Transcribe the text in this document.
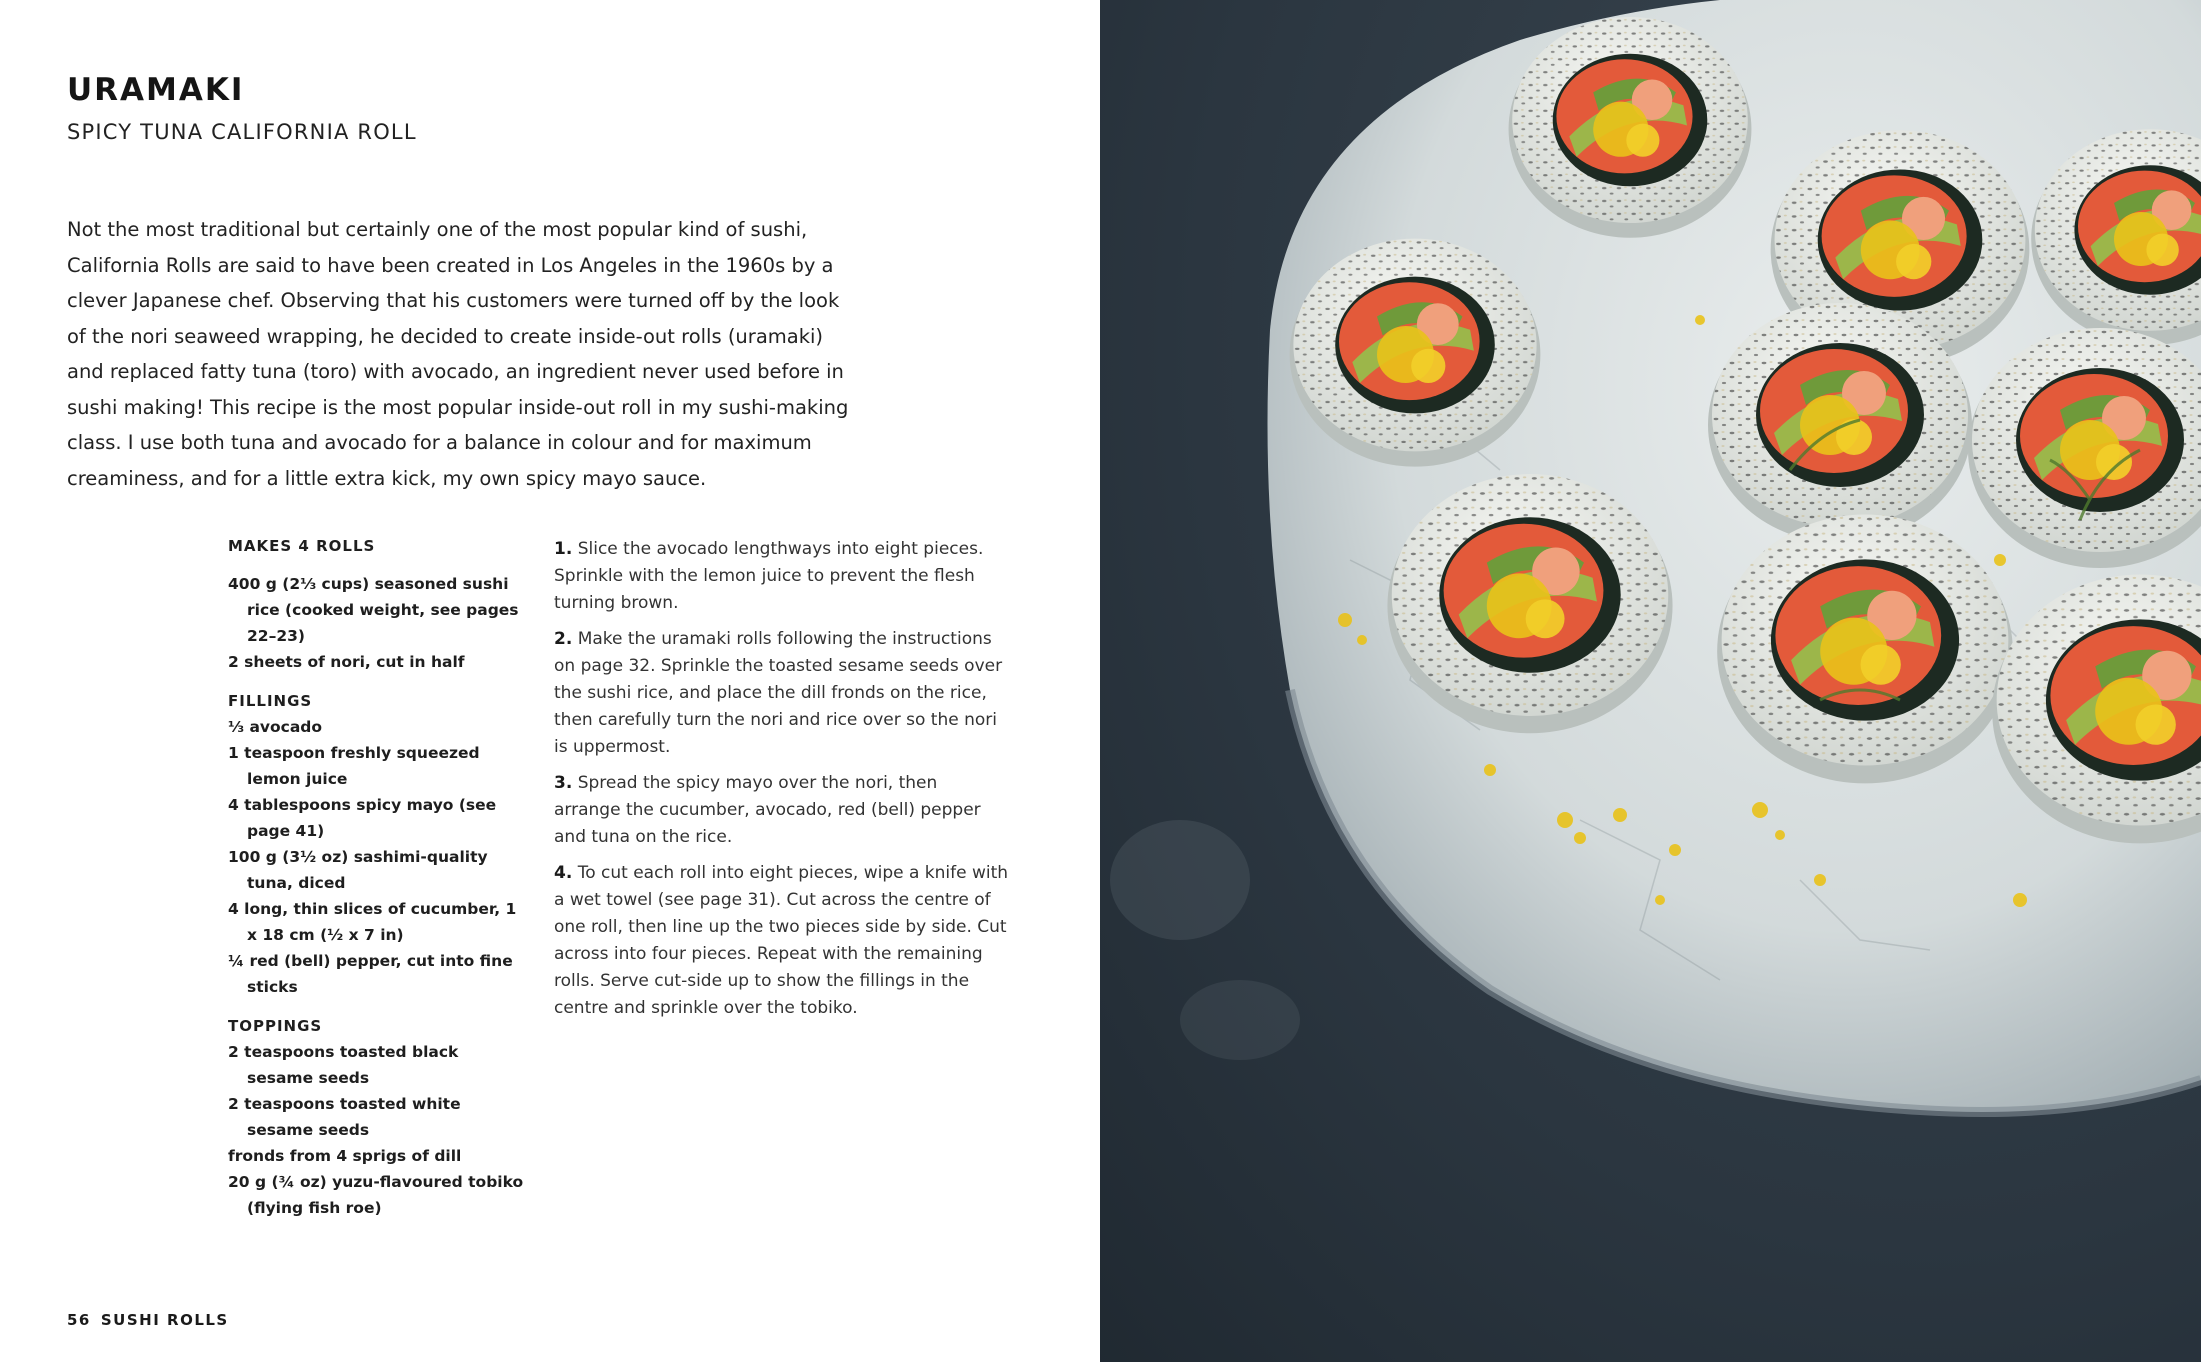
URAMAKI
SPICY TUNA CALIFORNIA ROLL

Not the most traditional but certainly one of the most popular kind of sushi, California Rolls are said to have been created in Los Angeles in the 1960s by a clever Japanese chef. Observing that his customers were turned off by the look of the nori seaweed wrapping, he decided to create inside-out rolls (uramaki) and replaced fatty tuna (toro) with avocado, an ingredient never used before in sushi making! This recipe is the most popular inside-out roll in my sushi-making class. I use both tuna and avocado for a balance in colour and for maximum creaminess, and for a little extra kick, my own spicy mayo sauce.

MAKES 4 ROLLS

400 g (2⅓ cups) seasoned sushi rice (cooked weight, see pages 22–23)
2 sheets of nori, cut in half

FILLINGS

⅓ avocado
1 teaspoon freshly squeezed lemon juice
4 tablespoons spicy mayo (see page 41)
100 g (3½ oz) sashimi-quality tuna, diced
4 long, thin slices of cucumber, 1 x 18 cm (½ x 7 in)
¼ red (bell) pepper, cut into fine sticks

TOPPINGS

2 teaspoons toasted black sesame seeds
2 teaspoons toasted white sesame seeds
fronds from 4 sprigs of dill
20 g (¾ oz) yuzu-flavoured tobiko (flying fish roe)

1. Slice the avocado lengthways into eight pieces. Sprinkle with the lemon juice to prevent the flesh turning brown.

2. Make the uramaki rolls following the instructions on page 32. Sprinkle the toasted sesame seeds over the sushi rice, and place the dill fronds on the rice, then carefully turn the nori and rice over so the nori is uppermost.

3. Spread the spicy mayo over the nori, then arrange the cucumber, avocado, red (bell) pepper and tuna on the rice.

4. To cut each roll into eight pieces, wipe a knife with a wet towel (see page 31). Cut across the centre of one roll, then line up the two pieces side by side. Cut across into four pieces. Repeat with the remaining rolls. Serve cut-side up to show the fillings in the centre and sprinkle over the tobiko.

56 SUSHI ROLLS
